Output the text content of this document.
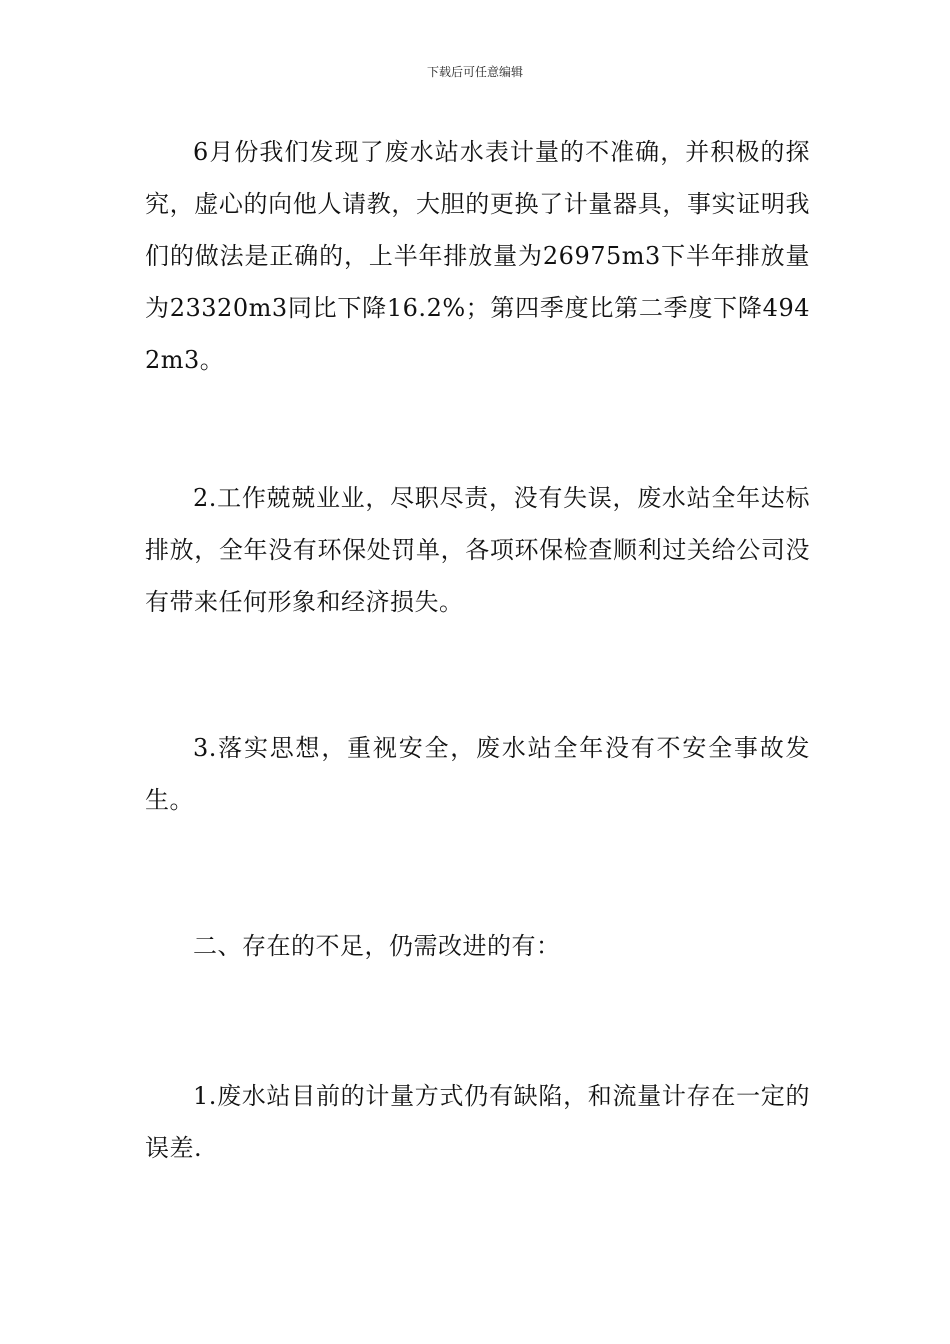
下载后可任意编辑

6月份我们发现了废水站水表计量的不准确，并积极的探究，虚心的向他人请教，大胆的更换了计量器具，事实证明我们的做法是正确的，上半年排放量为26975m3下半年排放量为23320m3同比下降16.2%；第四季度比第二季度下降4942m3。

2.工作兢兢业业，尽职尽责，没有失误，废水站全年达标排放，全年没有环保处罚单，各项环保检查顺利过关给公司没有带来任何形象和经济损失。

3.落实思想，重视安全，废水站全年没有不安全事故发生。

二、存在的不足，仍需改进的有：

1.废水站目前的计量方式仍有缺陷，和流量计存在一定的误差.
